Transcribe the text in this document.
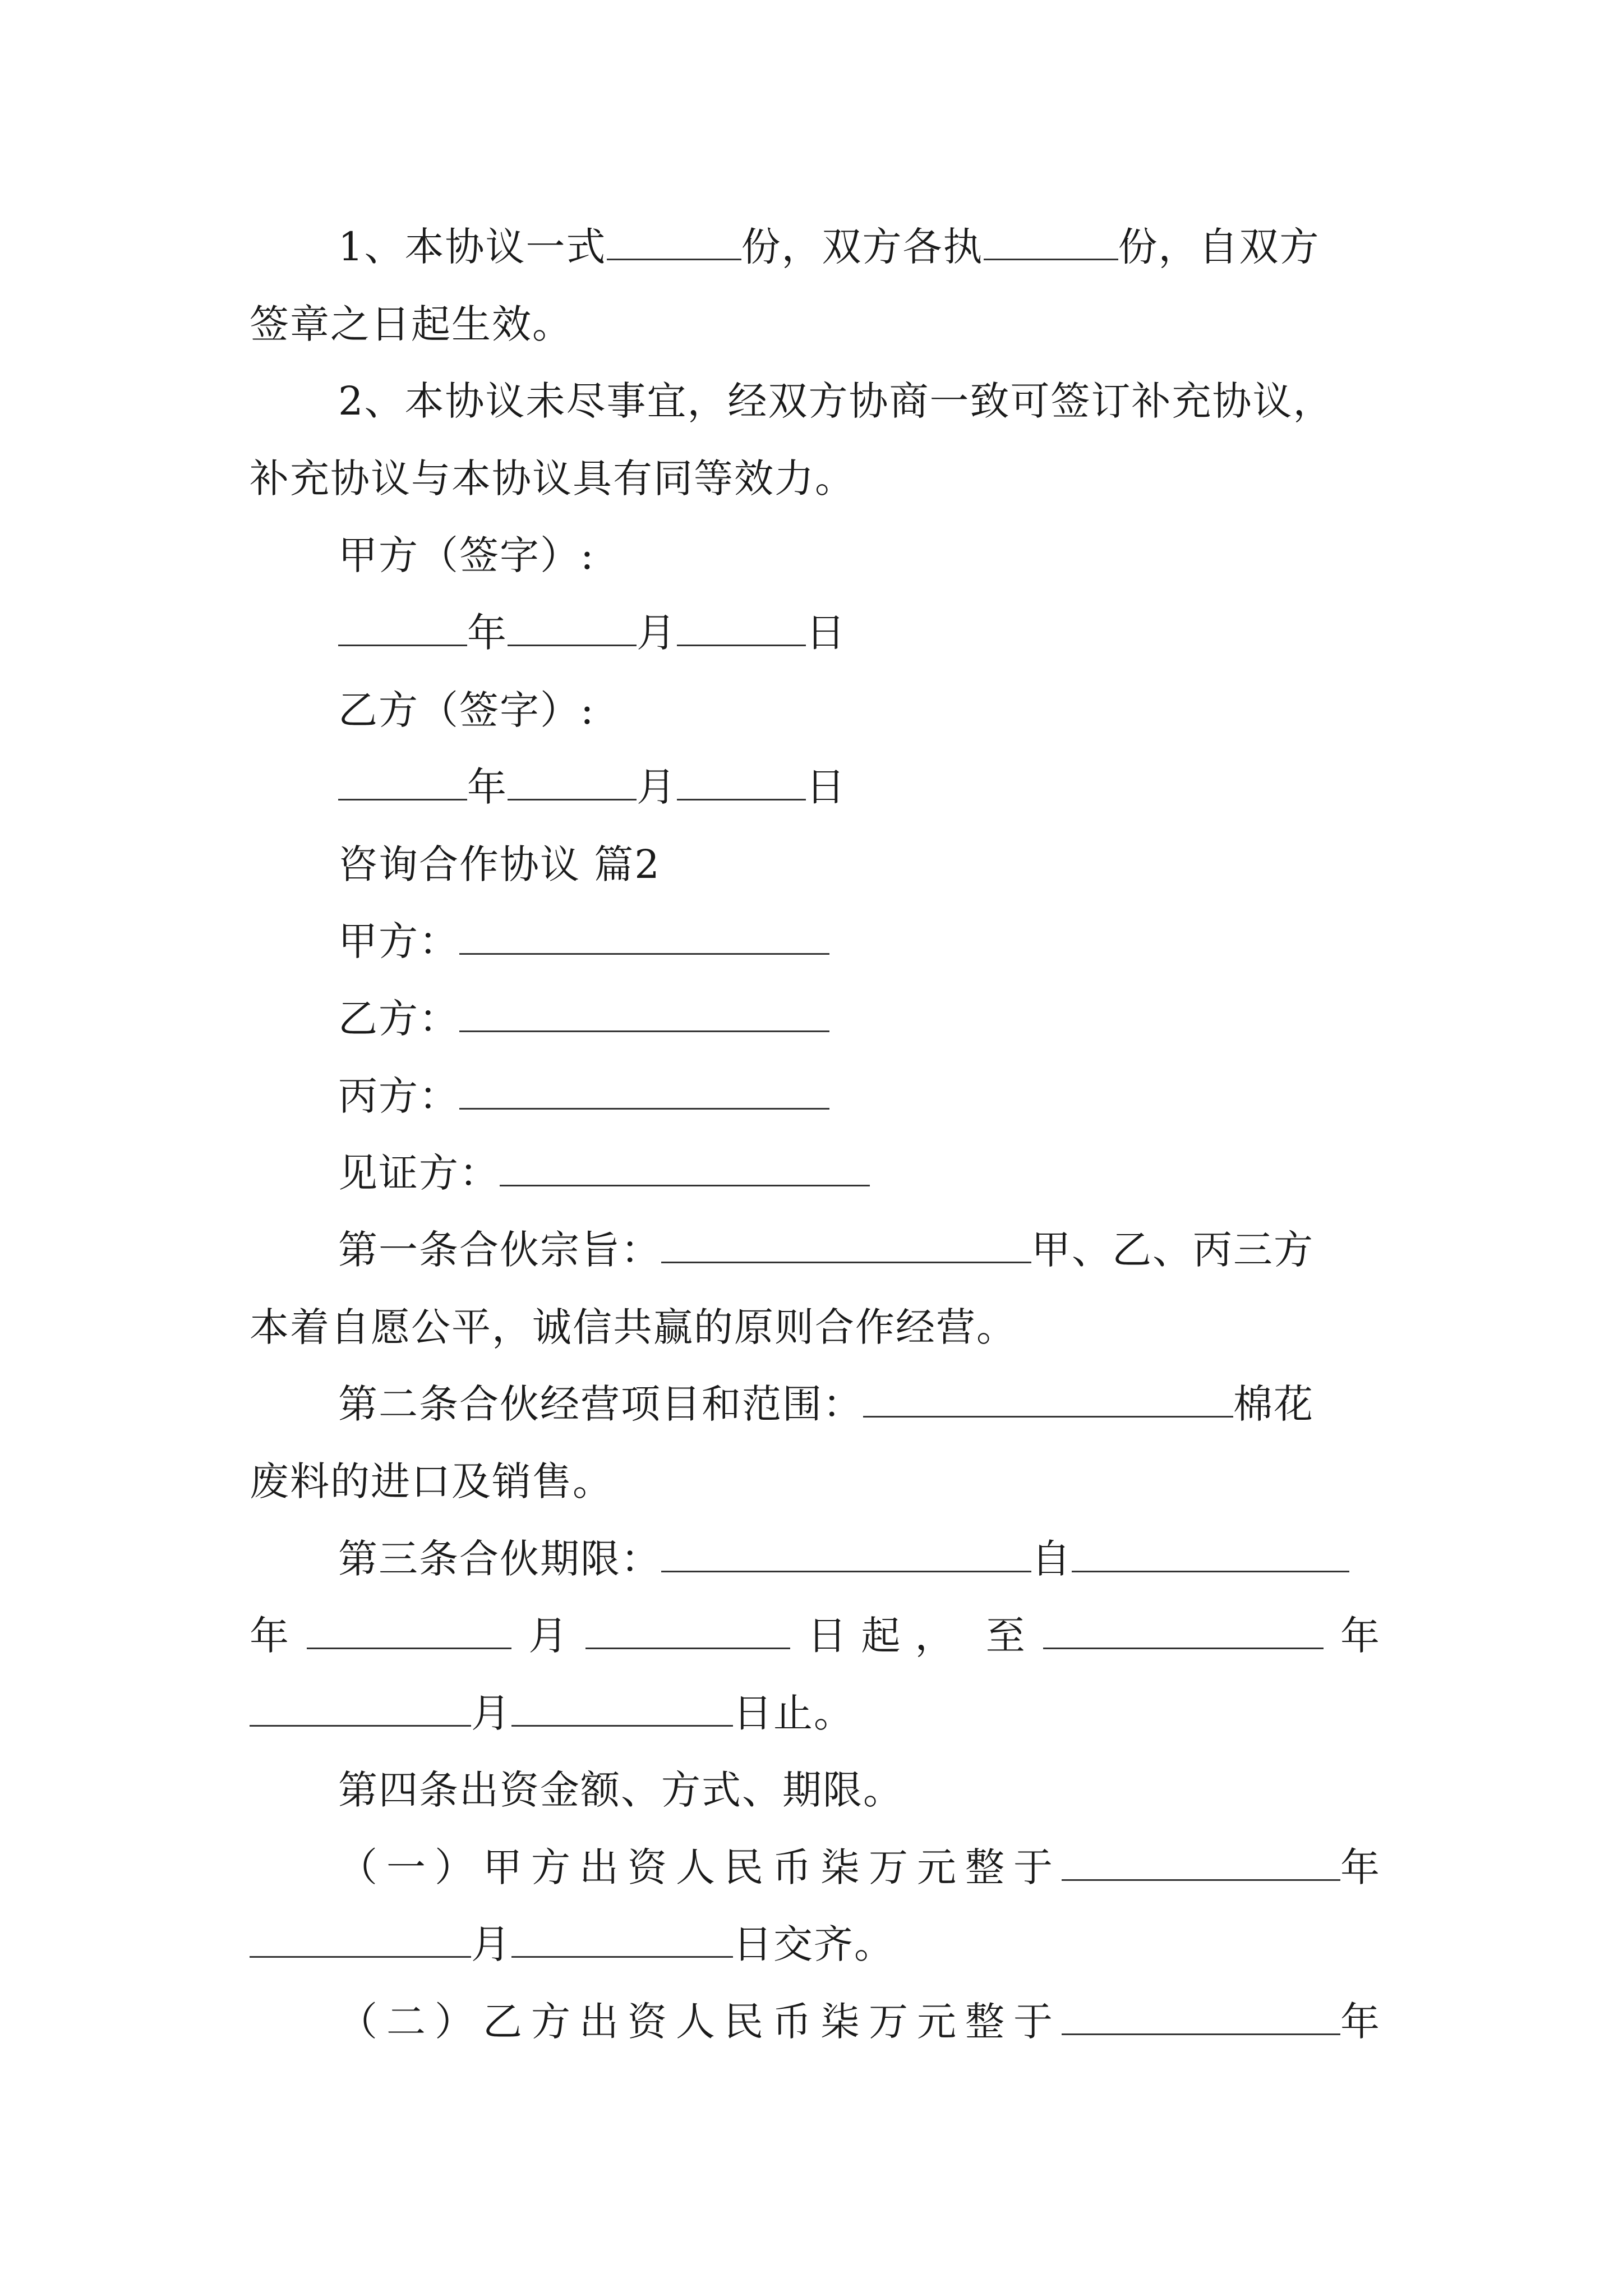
1、本协议一式	份，双方各执	份，自双方
签章之日起生效。
2、本协议未尽事宜，经双方协商一致可签订补充协议，
补充协议与本协议具有同等效力。
甲方（签字）:
年	月	日
乙方（签字）:
年	月	日
咨询合作协议 篇2
甲方：
乙方：
丙方：
见证方：
第一条合伙宗旨：	甲、乙、丙三方
本着自愿公平，诚信共赢的原则合作经营。
第二条合伙经营项目和范围：	棉花
废料的进口及销售。
第三条合伙期限：	自
年	月	日起， 至	年
月	日止。
第四条出资金额、方式、期限。
（一）甲方出资人民币柒万元整于	年
月	日交齐。
（二）乙方出资人民币柒万元整于	年
